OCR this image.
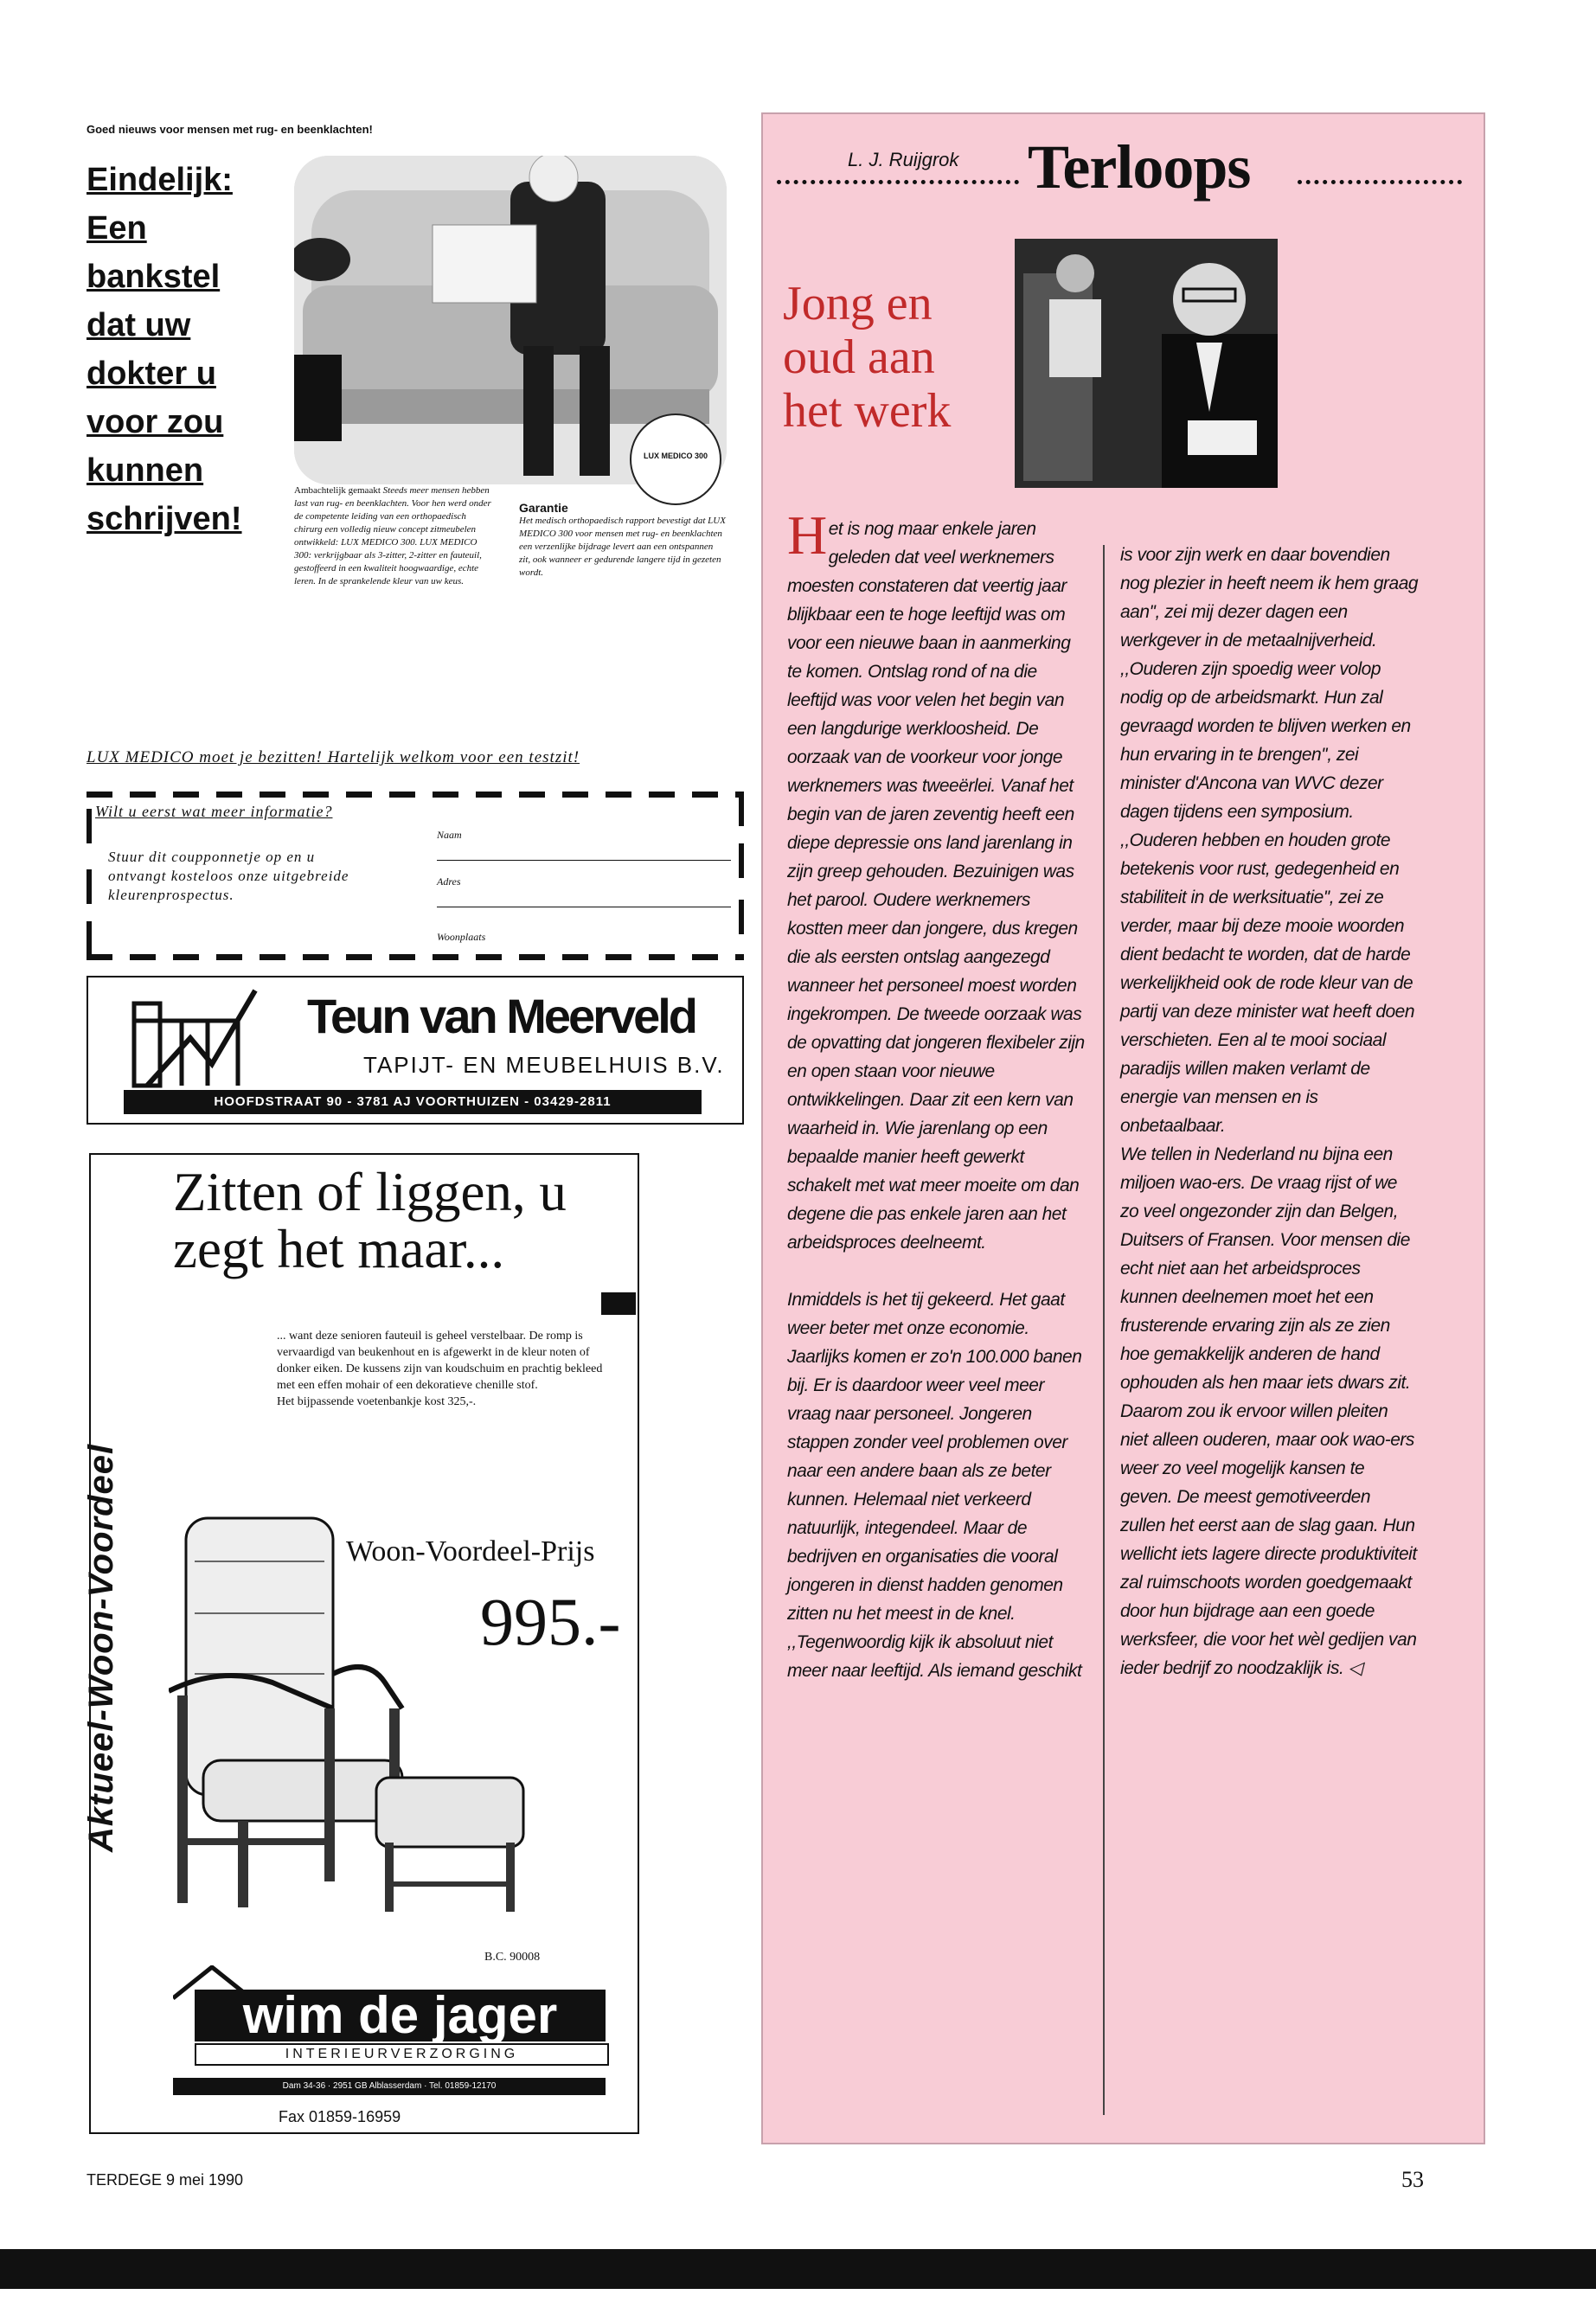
Goed nieuws voor mensen met rug- en beenklachten!
Eindelijk:
Een
bankstel
dat uw
dokter u
voor zou
kunnen
schrijven!
LUX MEDICO 300
Ambachtelijk gemaakt Steeds meer mensen hebben last van rug- en beenklachten. Voor hen werd onder de competente leiding van een orthopaedisch chirurg een volledig nieuw concept zitmeubelen ontwikkeld: LUX MEDICO 300. LUX MEDICO 300: verkrijgbaar als 3-zitter, 2-zitter en fauteuil, gestoffeerd in een kwaliteit hoogwaardige, echte leren. In de sprankelende kleur van uw keus.
Garantie
Het medisch orthopaedisch rapport bevestigt dat LUX MEDICO 300 voor mensen met rug- en beenklachten een verzenlijke bijdrage levert aan een ontspannen zit, ook wanneer er gedurende langere tijd in gezeten wordt.
LUX MEDICO moet je bezitten! Hartelijk welkom voor een testzit!
Wilt u eerst wat meer informatie?
Stuur dit coupponnetje op en u ontvangt kosteloos onze uitgebreide kleurenprospectus.
Naam
Adres
Woonplaats
Teun van Meerveld
TAPIJT- EN MEUBELHUIS B.V.
HOOFDSTRAAT 90 - 3781 AJ VOORTHUIZEN - 03429-2811
Aktueel-Woon-Voordeel
Zitten of liggen, u zegt het maar...
... want deze senioren fauteuil is geheel verstelbaar. De romp is vervaardigd van beukenhout en is afgewerkt in de kleur noten of donker eiken. De kussens zijn van koudschuim en prachtig bekleed met een effen mohair of een dekoratieve chenille stof.
Het bijpassende voetenbankje kost 325,-.
Woon-Voordeel-Prijs
995.-
B.C. 90008
wim de jager
INTERIEURVERZORGING
Dam 34-36 · 2951 GB Alblasserdam · Tel. 01859-12170
Fax 01859-16959
TERDEGE 9 mei 1990	53
L. J. Ruijgrok Terloops
Jong en oud aan het werk
H et is nog maar enkele jaren geleden dat veel werknemers moesten constateren dat veertig jaar blijkbaar een te hoge leeftijd was om voor een nieuwe baan in aanmerking te komen. Ontslag rond of na die leeftijd was voor velen het begin van een langdurige werkloosheid. De oorzaak van de voorkeur voor jonge werknemers was tweeërlei. Vanaf het begin van de jaren zeventig heeft een diepe depressie ons land jarenlang in zijn greep gehouden. Bezuinigen was het parool. Oudere werknemers kostten meer dan jongere, dus kregen die als eersten ontslag aangezegd wanneer het personeel moest worden ingekrompen. De tweede oorzaak was de opvatting dat jongeren flexibeler zijn en open staan voor nieuwe ontwikkelingen. Daar zit een kern van waarheid in. Wie jarenlang op een bepaalde manier heeft gewerkt schakelt met wat meer moeite om dan degene die pas enkele jaren aan het arbeidsproces deelneemt.
Inmiddels is het tij gekeerd. Het gaat weer beter met onze economie. Jaarlijks komen er zo'n 100.000 banen bij. Er is daardoor weer veel meer vraag naar personeel. Jongeren stappen zonder veel problemen over naar een andere baan als ze beter kunnen. Helemaal niet verkeerd natuurlijk, integendeel. Maar de bedrijven en organisaties die vooral jongeren in dienst hadden genomen zitten nu het meest in de knel. ,,Tegenwoordig kijk ik absoluut niet meer naar leeftijd. Als iemand geschikt
is voor zijn werk en daar bovendien nog plezier in heeft neem ik hem graag aan'', zei mij dezer dagen een werkgever in de metaalnijverheid.
,,Ouderen zijn spoedig weer volop nodig op de arbeidsmarkt. Hun zal gevraagd worden te blijven werken en hun ervaring in te brengen'', zei minister d'Ancona van WVC dezer dagen tijdens een symposium. ,,Ouderen hebben en houden grote betekenis voor rust, gedegenheid en stabiliteit in de werksituatie'', zei ze verder, maar bij deze mooie woorden dient bedacht te worden, dat de harde werkelijkheid ook de rode kleur van de partij van deze minister wat heeft doen verschieten. Een al te mooi sociaal paradijs willen maken verlamt de energie van mensen en is onbetaalbaar.
We tellen in Nederland nu bijna een miljoen wao-ers. De vraag rijst of we zo veel ongezonder zijn dan Belgen, Duitsers of Fransen. Voor mensen die echt niet aan het arbeidsproces kunnen deelnemen moet het een frusterende ervaring zijn als ze zien hoe gemakkelijk anderen de hand ophouden als hen maar iets dwars zit. Daarom zou ik ervoor willen pleiten niet alleen ouderen, maar ook wao-ers weer zo veel mogelijk kansen te geven. De meest gemotiveerden zullen het eerst aan de slag gaan. Hun wellicht iets lagere directe produktiviteit zal ruimschoots worden goedgemaakt door hun bijdrage aan een goede werksfeer, die voor het wèl gedijen van ieder bedrijf zo noodzaklijk is. ◁
